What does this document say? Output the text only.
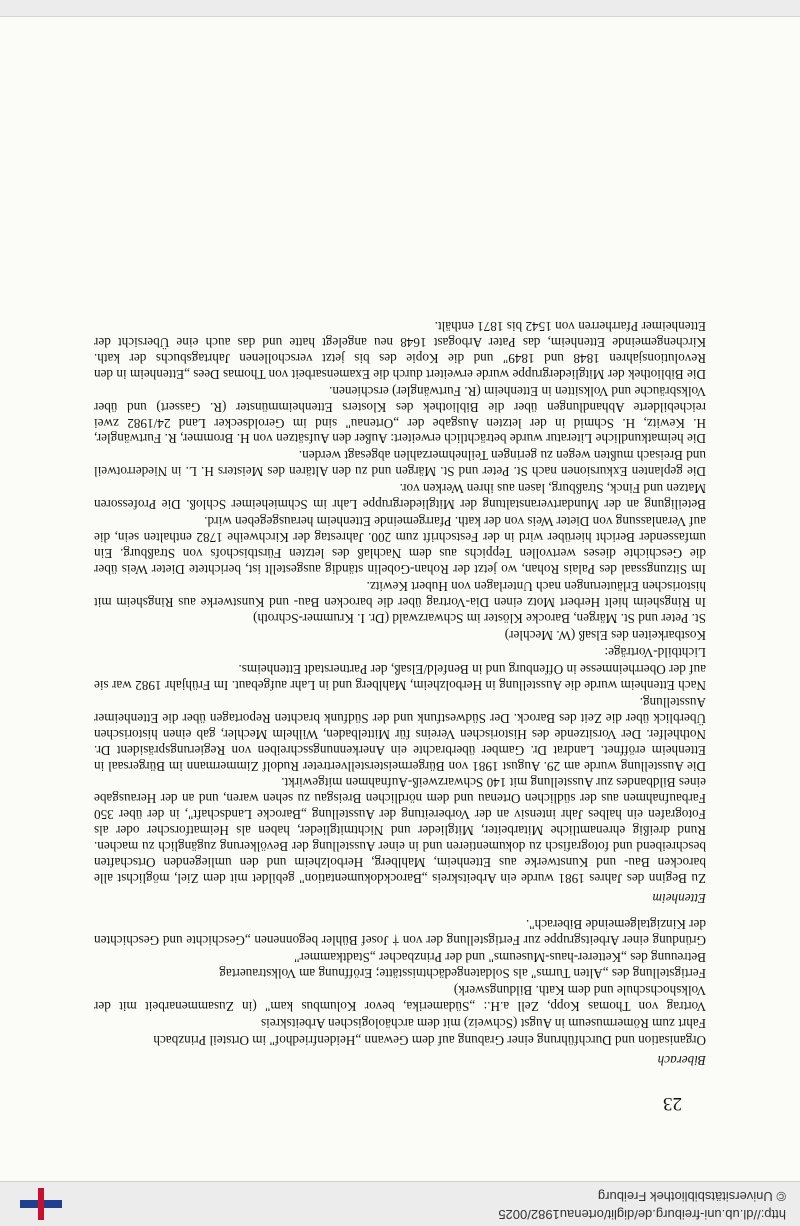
http://dl.ub.uni-freiburg.de/diglit/ortenau1982/0025
© Universitätsbibliothek Freiburg
23

Biberach

Organisation und Durchführung einer Grabung auf dem Gewann „Heidenfriedhof" im Ortsteil Prinzbach

Fahrt zum Römermuseum in Augst (Schweiz) mit dem archäologischen Arbeitskreis

Vortrag von Thomas Kopp, Zell a.H.: „Südamerika, bevor Kolumbus kam" (in Zusammenarbeit mit der Volkshochschule und dem Kath. Bildungswerk)

Fertigstellung des „Alten Turms" als Soldatengedächtnisstätte; Eröffnung am Volkstrauertag

Betreuung des „Ketterer-haus-Museums" und der Prinzbacher „Stadtkammer"

Gründung einer Arbeitsgruppe zur Fertigstellung der von † Josef Bühler begonnenen „Geschichte und Geschichten der Kinzigtalgemeinde Biberach".

Ettenheim

Zu Beginn des Jahres 1981 wurde ein Arbeitskreis „Barockdokumentation" gebildet mit dem Ziel, möglichst alle barocken Bau- und Kunstwerke aus Ettenheim, Mahlberg, Herbolzheim und den umliegenden Ortschaften beschreibend und fotografisch zu dokumentieren und in einer Ausstellung der Bevölkerung zugänglich zu machen. Rund dreißig ehrenamtliche Mitarbeiter, Mitglieder und Nichtmitglieder, haben als Heimatforscher oder als Fotografen ein halbes Jahr intensiv an der Vorbereitung der Ausstellung „Barocke Landschaft", in der über 350 Farbaufnahmen aus der südlichen Ortenau und dem nördlichen Breisgau zu sehen waren, und an der Herausgabe eines Bildbandes zur Ausstellung mit 140 Schwarzweiß-Aufnahmen mitgewirkt.

Die Ausstellung wurde am 29. August 1981 von Bürgermeisterstellvertreter Rudolf Zimmermann im Bürgersaal in Ettenheim eröffnet. Landrat Dr. Gamber überbrachte ein Anerkennungsschreiben von Regierungspräsident Dr. Nothhelfer. Der Vorsitzende des Historischen Vereins für Mittelbaden, Wilhelm Mechler, gab einen historischen Überblick über die Zeit des Barock. Der Südwestfunk und der Südfunk brachten Reportagen über die Ettenheimer Ausstellung.

Nach Ettenheim wurde die Ausstellung in Herbolzheim, Mahlberg und in Lahr aufgebaut. Im Frühjahr 1982 war sie auf der Oberrheinmesse in Offenburg und in Benfeld/Elsaß, der Partnerstadt Ettenheims.

Lichtbild-Vorträge:

Kostbarkeiten des Elsaß (W. Mechler)

St. Peter und St. Märgen, Barocke Klöster im Schwarzwald (Dr. I. Krummer-Schroth)

In Ringsheim hielt Herbert Motz einen Dia-Vortrag über die barocken Bau- und Kunstwerke aus Ringsheim mit historischen Erläuterungen nach Unterlagen von Hubert Kewitz.

Im Sitzungssaal des Palais Rohan, wo jetzt der Rohan-Gobelin ständig ausgestellt ist, berichtete Dieter Weis über die Geschichte dieses wertvollen Teppichs aus dem Nachlaß des letzten Fürstbischofs von Straßburg. Ein umfassender Bericht hierüber wird in der Festschrift zum 200. Jahrestag der Kirchweihe 1782 enthalten sein, die auf Veranlassung von Dieter Weis von der kath. Pfarrgemeinde Ettenheim herausgegeben wird.

Beteiligung an der Mundartveranstaltung der Mitgliedergruppe Lahr im Schmieheimer Schloß. Die Professoren Matzen und Finck, Straßburg, lasen aus ihren Werken vor.

Die geplanten Exkursionen nach St. Peter und St. Märgen und zu den Altären des Meisters H. L. in Niederrotweil und Breisach mußten wegen zu geringen Teilnehmerzahlen abgesagt werden.

Die heimatkundliche Literatur wurde beträchtlich erweitert: Außer den Aufsätzen von H. Brommer, R. Furtwängler, H. Kewitz, H. Schmid in der letzten Ausgabe der „Ortenau" sind im Geroldsecker Land 24/1982 zwei reichebilderte Abhandlungen über die Bibliothek des Klosters Ettenheimmünster (R. Gassert) und über Volksbräuche und Volksitten in Ettenheim (R. Furtwängler) erschienen.

Die Bibliothek der Mitgliedergruppe wurde erweitert durch die Examensarbeit von Thomas Dees „Ettenheim in den Revolutionsjahren 1848 und 1849" und die Kopie des bis jetzt verschollenen Jahrtagsbuchs der kath. Kirchengemeinde Ettenheim, das Pater Arbogast 1648 neu angelegt hatte und das auch eine Übersicht der Ettenheimer Pfarrherren von 1542 bis 1871 enthält.
